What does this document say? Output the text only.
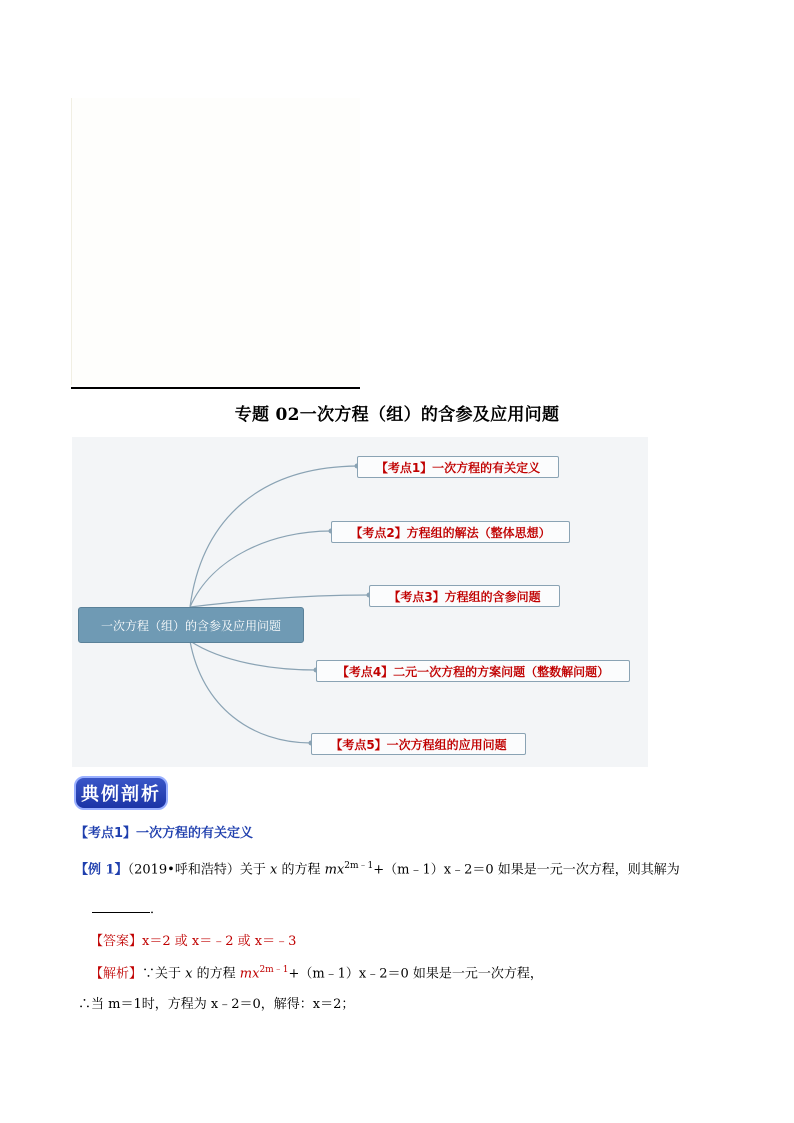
专题 02一次方程（组）的含参及应用问题
一次方程（组）的含参及应用问题
【考点1】一次方程的有关定义
【考点2】方程组的解法（整体思想）
【考点3】方程组的含参问题
【考点4】二元一次方程的方案问题（整数解问题）
【考点5】一次方程组的应用问题
典例剖析
【考点1】一次方程的有关定义
【例 1】（2019•呼和浩特）关于 x 的方程 $mx^{2m﹣1}+(m﹣1)x﹣2=0$ 如果是一元一次方程，则其解为
．
【答案】x＝2 或 x＝﹣2 或 x＝﹣3
【解析】∵关于 x 的方程 $mx^{2m﹣1}+(m﹣1)x﹣2=0$ 如果是一元一次方程，
∴当 m＝1时，方程为 x﹣2＝0，解得：x＝2；
